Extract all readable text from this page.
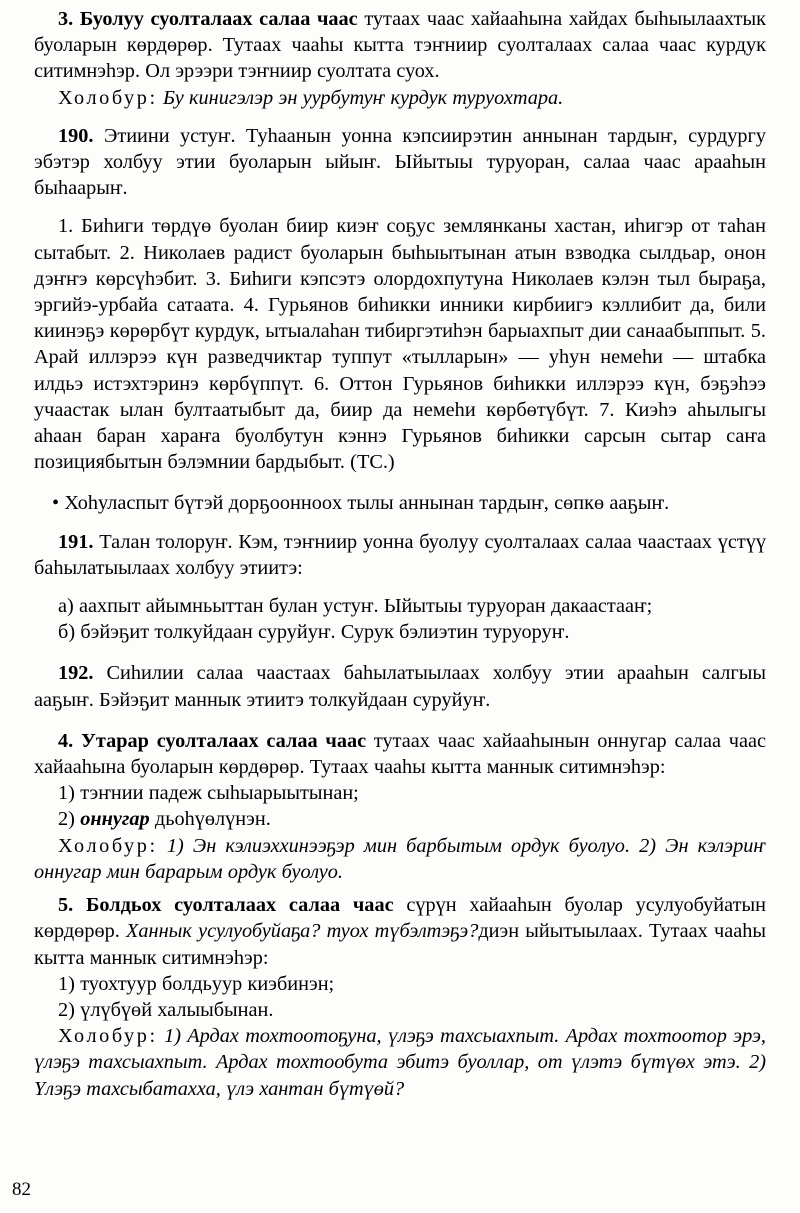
3. Буолуу суолталаах салаа чаас тутаах чаас хайааһына хайдах быһыылаахтык буоларын көрдөрөр. Тутаах чааһы кытта тэҥниир суолталаах салаа чаас курдук ситимнэһэр. Ол эрээри тэҥниир суолтата суох.

Холобур: Бу кинигэлэр эн уурбутуҥ курдук туруохтара.

190. Этиини устуҥ. Туһаанын уонна кэпсиирэтин аннынан тардыҥ, сурдургу эбэтэр холбуу этии буоларын ыйыҥ. Ыйытыы туруоран, салаа чаас арааһын быһаарыҥ.

1. Биһиги төрдүө буолан биир киэҥ соҕус землянканы хастан, иһигэр от таһан сытабыт. 2. Николаев радист буоларын быһыытынан атын взводка сылдьар, онон дэҥҥэ көрсүһэбит. 3. Биһиги кэпсэтэ олордохпутуна Николаев кэлэн тыл быраҕа, эргийэ-урбайа сатаата. 4. Гурьянов биһикки инники кирбиигэ кэллибит да, били киинэҕэ көрөрбүт курдук, ытыалаһан тибиргэтиһэн барыахпыт дии санаабыппыт. 5. Арай иллэрээ күн разведчиктар туппут «тылларын» — уһун немеһи — штабка илдьэ истэхтэринэ көрбүппүт. 6. Оттон Гурьянов биһикки иллэрээ күн, бэҕэһээ учаастак ылан бултаатыбыт да, биир да немеһи көрбөтүбүт. 7. Киэһэ аһылыгы аһаан баран хараҥа буолбутун кэннэ Гурьянов биһикки сарсын сытар саҥа позициябытын бэлэмнии бардыбыт. (ТС.)

• Хоһуласпыт бүтэй дорҕооннооx тылы аннынан тардыҥ, сөпкө ааҕыҥ.

191. Талан толоруҥ. Кэм, тэҥниир уонна буолуу суолталаах салаа чаастаах үстүү баһылатыылаах холбуу этиитэ:

а) аахпыт айымньыттан булан устуҥ. Ыйытыы туруоран дакаастааҥ;

б) бэйэҕит толкуйдаан суруйуҥ. Сурук бэлиэтин туруоруҥ.

192. Сиһилии салаа чаастаах баһылатыылаах холбуу этии арааһын салгыы ааҕыҥ. Бэйэҕит маннык этиитэ толкуйдаан суруйуҥ.

4. Утарар суолталаах салаа чаас тутаах чаас хайааһынын оннугар салаа чаас хайааһына буоларын көрдөрөр. Тутаах чааһы кытта маннык ситимнэһэр:

1) тэҥнии падеж сыһыарыытынан;

2) оннугар дьоһүөлүнэн.

Холобур: 1) Эн кэлиэххинээҕэр мин барбытым ордук буолуо. 2) Эн кэлэриҥ оннугар мин барарым ордук буолуо.

5. Болдьох суолталаах салаа чаас сүрүн хайааһын буолар усулуобуйатын көрдөрөр. Ханнык усулуобуйаҕа? туох түбэлтэҕэ?диэн ыйытыылаах. Тутаах чааһы кытта маннык ситимнэһэр:

1) туохтуур болдьуур киэбинэн;

2) үлүбүөй халыыбынан.

Холобур: 1) Ардах тохтоотоҕуна, үлэҕэ тахсыахпыт. Ардах тохтоотор эрэ, үлэҕэ тахсыахпыт. Ардах тохтообута эбитэ буоллар, от үлэтэ бүтүөх этэ. 2) Үлэҕэ тахсыбатахха, үлэ хантан бүтүөй?

82
